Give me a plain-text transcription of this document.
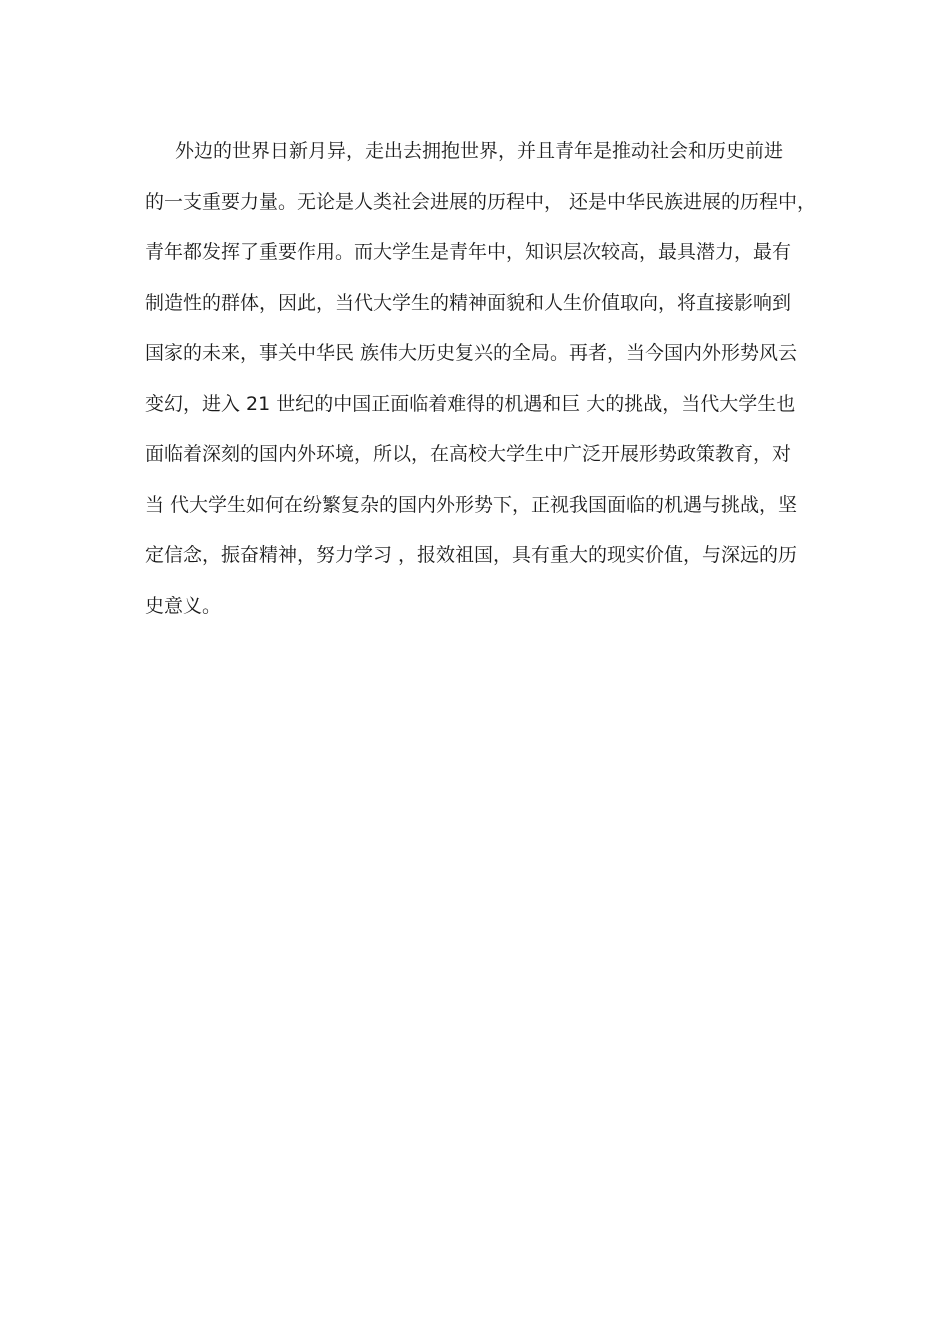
外边的世界日新月异，走出去拥抱世界，并且青年是推动社会和历史前进
的一支重要力量。无论是人类社会进展的历程中， 还是中华民族进展的历程中，
青年都发挥了重要作用。而大学生是青年中，知识层次较高，最具潜力，最有
制造性的群体，因此，当代大学生的精神面貌和人生价值取向，将直接影响到
国家的未来，事关中华民 族伟大历史复兴的全局。再者，当今国内外形势风云
变幻，进入 21 世纪的中国正面临着难得的机遇和巨 大的挑战，当代大学生也
面临着深刻的国内外环境，所以，在高校大学生中广泛开展形势政策教育，对
当 代大学生如何在纷繁复杂的国内外形势下，正视我国面临的机遇与挑战，坚
定信念，振奋精神，努力学习 ，报效祖国，具有重大的现实价值，与深远的历
史意义。
